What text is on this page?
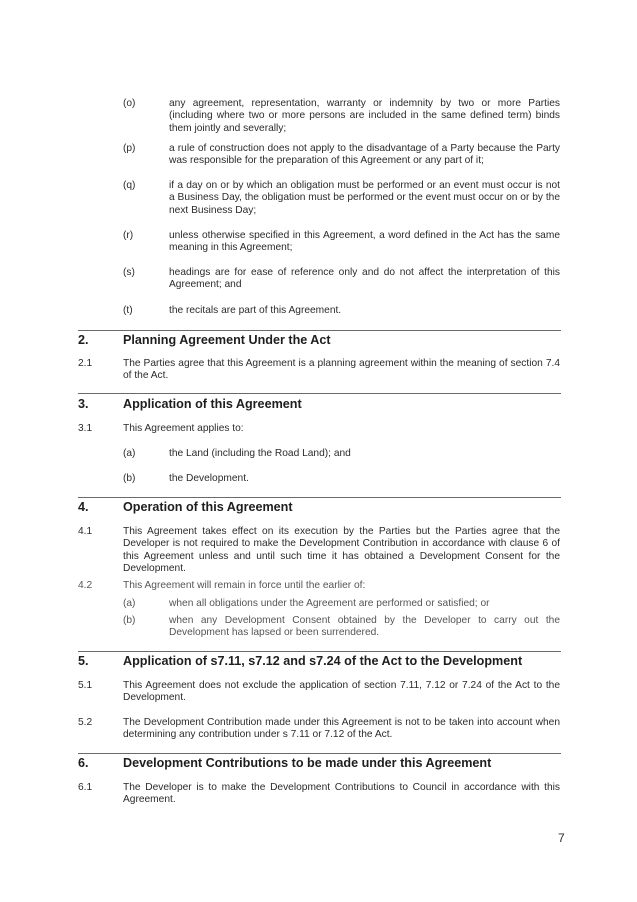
(o)	any agreement, representation, warranty or indemnity by two or more Parties (including where two or more persons are included in the same defined term) binds them jointly and severally;
(p)	a rule of construction does not apply to the disadvantage of a Party because the Party was responsible for the preparation of this Agreement or any part of it;
(q)	if a day on or by which an obligation must be performed or an event must occur is not a Business Day, the obligation must be performed or the event must occur on or by the next Business Day;
(r)	unless otherwise specified in this Agreement, a word defined in the Act has the same meaning in this Agreement;
(s)	headings are for ease of reference only and do not affect the interpretation of this Agreement; and
(t)	the recitals are part of this Agreement.
2.	Planning Agreement Under the Act
2.1	The Parties agree that this Agreement is a planning agreement within the meaning of section 7.4 of the Act.
3.	Application of this Agreement
3.1	This Agreement applies to:
(a)	the Land (including the Road Land); and
(b)	the Development.
4.	Operation of this Agreement
4.1	This Agreement takes effect on its execution by the Parties but the Parties agree that the Developer is not required to make the Development Contribution in accordance with clause 6 of this Agreement unless and until such time it has obtained a Development Consent for the Development.
4.2	This Agreement will remain in force until the earlier of:
(a)	when all obligations under the Agreement are performed or satisfied; or
(b)	when any Development Consent obtained by the Developer to carry out the Development has lapsed or been surrendered.
5.	Application of s7.11, s7.12 and s7.24 of the Act to the Development
5.1	This Agreement does not exclude the application of section 7.11, 7.12 or 7.24 of the Act to the Development.
5.2	The Development Contribution made under this Agreement is not to be taken into account when determining any contribution under s 7.11 or 7.12 of the Act.
6.	Development Contributions to be made under this Agreement
6.1	The Developer is to make the Development Contributions to Council in accordance with this Agreement.
7
